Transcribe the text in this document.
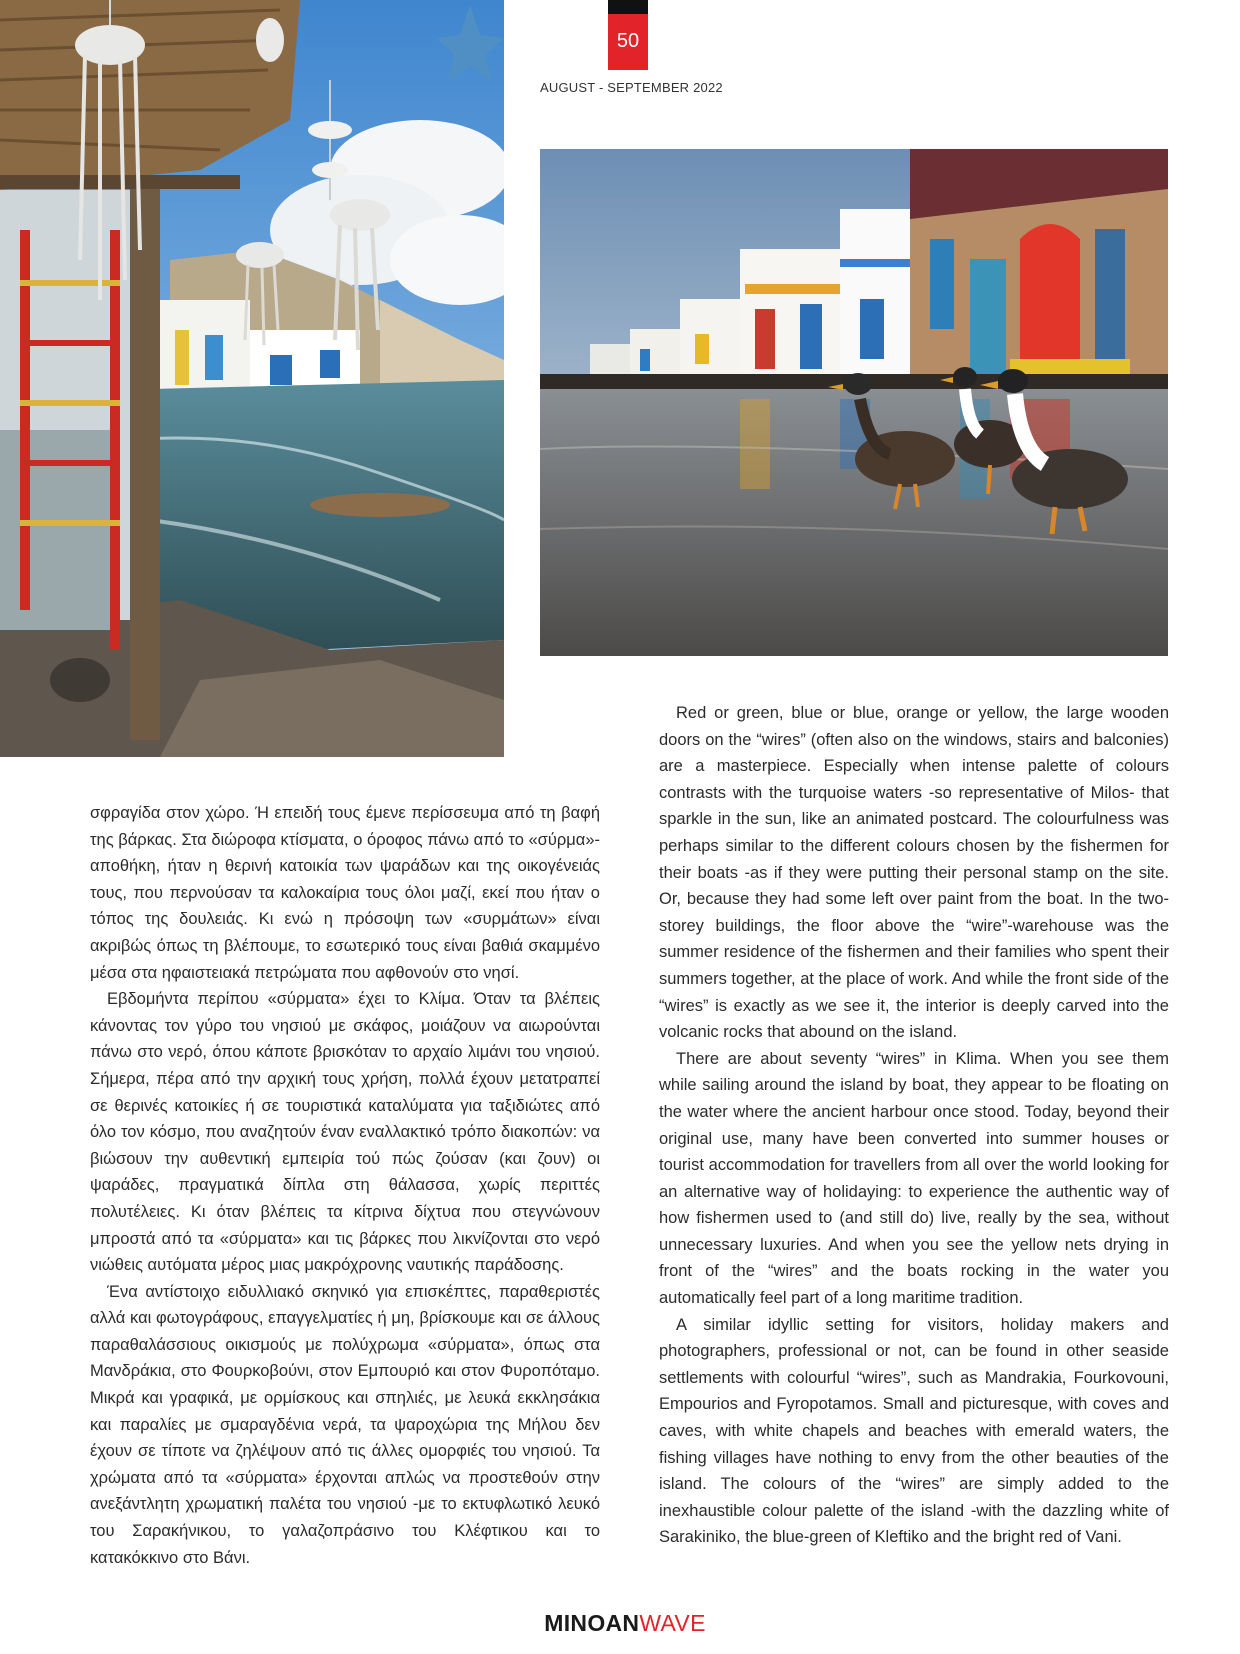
50
AUGUST - SEPTEMBER 2022

σφραγίδα στον χώρο. Ή επειδή τους έμενε περίσσευμα από τη βαφή της βάρκας. Στα διώροφα κτίσματα, ο όροφος πάνω από το «σύρμα»-αποθήκη, ήταν η θερινή κατοικία των ψαράδων και της οικογένειάς τους, που περνούσαν τα καλοκαίρια τους όλοι μαζί, εκεί που ήταν ο τόπος της δουλειάς. Κι ενώ η πρόσοψη των «συρμάτων» είναι ακριβώς όπως τη βλέπουμε, το εσωτερικό τους είναι βαθιά σκαμμένο μέσα στα ηφαιστειακά πετρώματα που αφθονούν στο νησί.

Εβδομήντα περίπου «σύρματα» έχει το Κλίμα. Όταν τα βλέπεις κάνοντας τον γύρο του νησιού με σκάφος, μοιάζουν να αιωρούνται πάνω στο νερό, όπου κάποτε βρισκόταν το αρχαίο λιμάνι του νησιού. Σήμερα, πέρα από την αρχική τους χρήση, πολλά έχουν μετατραπεί σε θερινές κατοικίες ή σε τουριστικά καταλύματα για ταξιδιώτες από όλο τον κόσμο, που αναζητούν έναν εναλλακτικό τρόπο διακοπών: να βιώσουν την αυθεντική εμπειρία τού πώς ζούσαν (και ζουν) οι ψαράδες, πραγματικά δίπλα στη θάλασσα, χωρίς περιττές πολυτέλειες. Κι όταν βλέπεις τα κίτρινα δίχτυα που στεγνώνουν μπροστά από τα «σύρματα» και τις βάρκες που λικνίζονται στο νερό νιώθεις αυτόματα μέρος μιας μακρόχρονης ναυτικής παράδοσης.

Ένα αντίστοιχο ειδυλλιακό σκηνικό για επισκέπτες, παραθεριστές αλλά και φωτογράφους, επαγγελματίες ή μη, βρίσκουμε και σε άλλους παραθαλάσσιους οικισμούς με πολύχρωμα «σύρματα», όπως στα Μανδράκια, στο Φουρκοβούνι, στον Εμπουριό και στον Φυροπόταμο. Μικρά και γραφικά, με ορμίσκους και σπηλιές, με λευκά εκκλησάκια και παραλίες με σμαραγδένια νερά, τα ψαροχώρια της Μήλου δεν έχουν σε τίποτε να ζηλέψουν από τις άλλες ομορφιές του νησιού. Τα χρώματα από τα «σύρματα» έρχονται απλώς να προστεθούν στην ανεξάντλητη χρωματική παλέτα του νησιού -με το εκτυφλωτικό λευκό του Σαρακήνικου, το γαλαζοπράσινο του Κλέφτικου και το κατακόκκινο στο Βάνι.

Red or green, blue or blue, orange or yellow, the large wooden doors on the “wires” (often also on the windows, stairs and balconies) are a masterpiece. Especially when intense palette of colours contrasts with the turquoise waters -so representative of Milos- that sparkle in the sun, like an animated postcard. The colourfulness was perhaps similar to the different colours chosen by the fishermen for their boats -as if they were putting their personal stamp on the site. Or, because they had some left over paint from the boat. In the two-storey buildings, the floor above the “wire”-warehouse was the summer residence of the fishermen and their families who spent their summers together, at the place of work. And while the front side of the “wires” is exactly as we see it, the interior is deeply carved into the volcanic rocks that abound on the island.

There are about seventy “wires” in Klima. When you see them while sailing around the island by boat, they appear to be floating on the water where the ancient harbour once stood. Today, beyond their original use, many have been converted into summer houses or tourist accommodation for travellers from all over the world looking for an alternative way of holidaying: to experience the authentic way of how fishermen used to (and still do) live, really by the sea, without unnecessary luxuries. And when you see the yellow nets drying in front of the “wires” and the boats rocking in the water you automatically feel part of a long maritime tradition.

A similar idyllic setting for visitors, holiday makers and photographers, professional or not, can be found in other seaside settlements with colourful “wires”, such as Mandrakia, Fourkovouni, Empourios and Fyropotamos. Small and picturesque, with coves and caves, with white chapels and beaches with emerald waters, the fishing villages have nothing to envy from the other beauties of the island. The colours of the “wires” are simply added to the inexhaustible colour palette of the island -with the dazzling white of Sarakiniko, the blue-green of Kleftiko and the bright red of Vani.

MINOANWAVE
